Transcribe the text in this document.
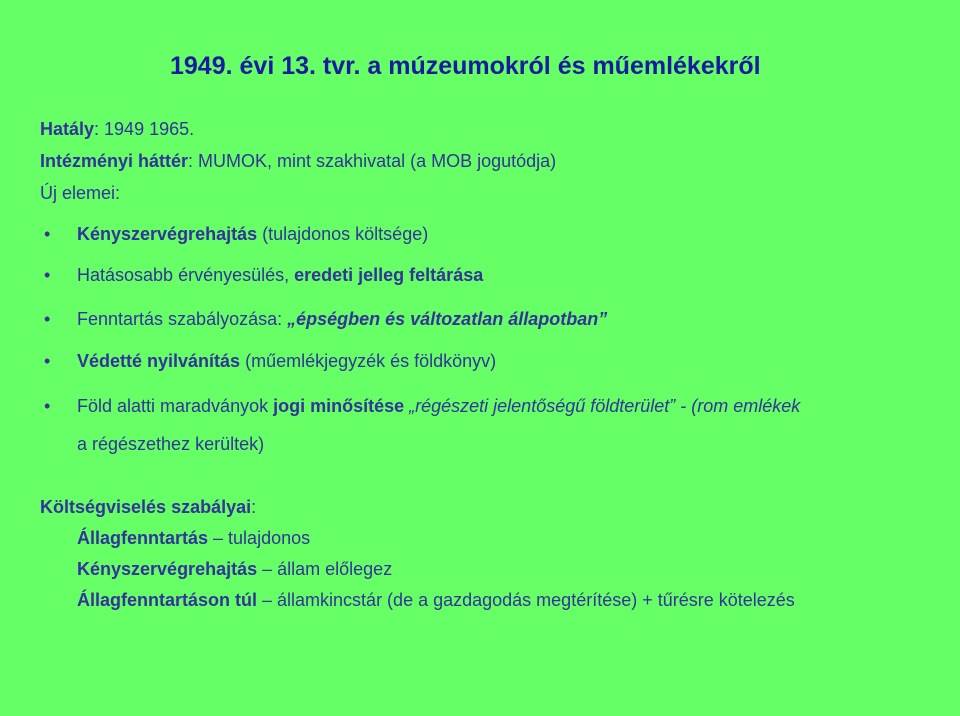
1949. évi 13. tvr. a múzeumokról és műemlékekről
Hatály: 1949 1965.
Intézményi háttér: MUMOK, mint szakhivatal (a MOB jogutódja)
Új elemei:
• Kényszervégrehajtás (tulajdonos költsége)
• Hatásosabb érvényesülés, eredeti jelleg feltárása
• Fenntartás szabályozása: „épségben és változatlan állapotban”
• Védetté nyilvánítás (műemlékjegyzék és földkönyv)
• Föld alatti maradványok jogi minősítése „régészeti jelentőségű földterület” - (rom emlékek
a régészethez kerültek)
Költségviselés szabályai:
Állagfenntartás – tulajdonos
Kényszervégrehajtás – állam előlegez
Állagfenntartáson túl – államkincstár (de a gazdagodás megtérítése) + tűrésre kötelezés
